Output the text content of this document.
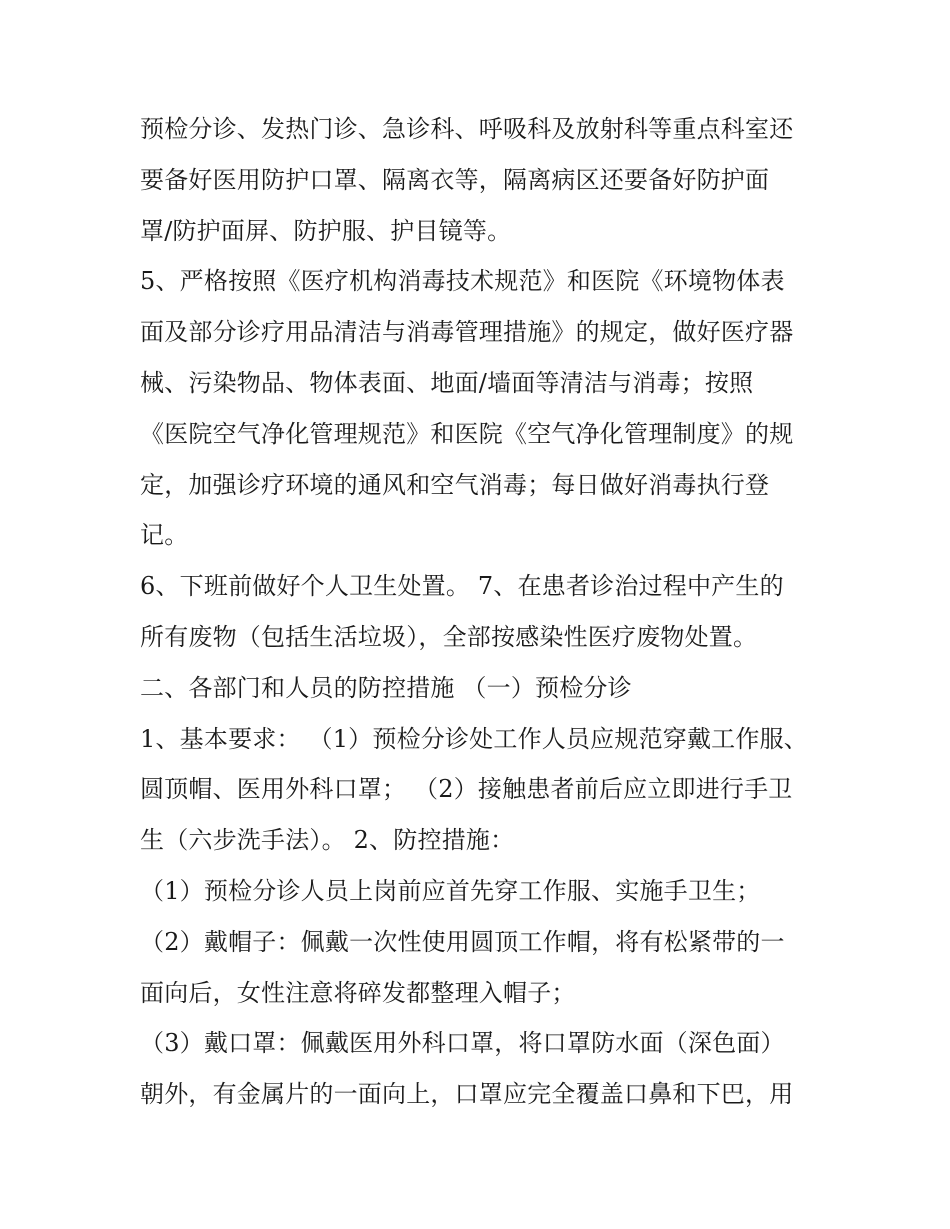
预检分诊、发热门诊、急诊科、呼吸科及放射科等重点科室还
要备好医用防护口罩、隔离衣等，隔离病区还要备好防护面
罩/防护面屏、防护服、护目镜等。
5、严格按照《医疗机构消毒技术规范》和医院《环境物体表
面及部分诊疗用品清洁与消毒管理措施》的规定，做好医疗器
械、污染物品、物体表面、地面/墙面等清洁与消毒；按照
《医院空气净化管理规范》和医院《空气净化管理制度》的规
定，加强诊疗环境的通风和空气消毒；每日做好消毒执行登
记。
6、下班前做好个人卫生处置。 7、在患者诊治过程中产生的
所有废物（包括生活垃圾），全部按感染性医疗废物处置。
二、各部门和人员的防控措施 （一）预检分诊
1、基本要求： （1）预检分诊处工作人员应规范穿戴工作服、
圆顶帽、医用外科口罩； （2）接触患者前后应立即进行手卫
生（六步洗手法）。 2、防控措施：
（1）预检分诊人员上岗前应首先穿工作服、实施手卫生；
（2）戴帽子：佩戴一次性使用圆顶工作帽，将有松紧带的一
面向后，女性注意将碎发都整理入帽子；
（3）戴口罩：佩戴医用外科口罩，将口罩防水面（深色面）
朝外，有金属片的一面向上，口罩应完全覆盖口鼻和下巴，用
